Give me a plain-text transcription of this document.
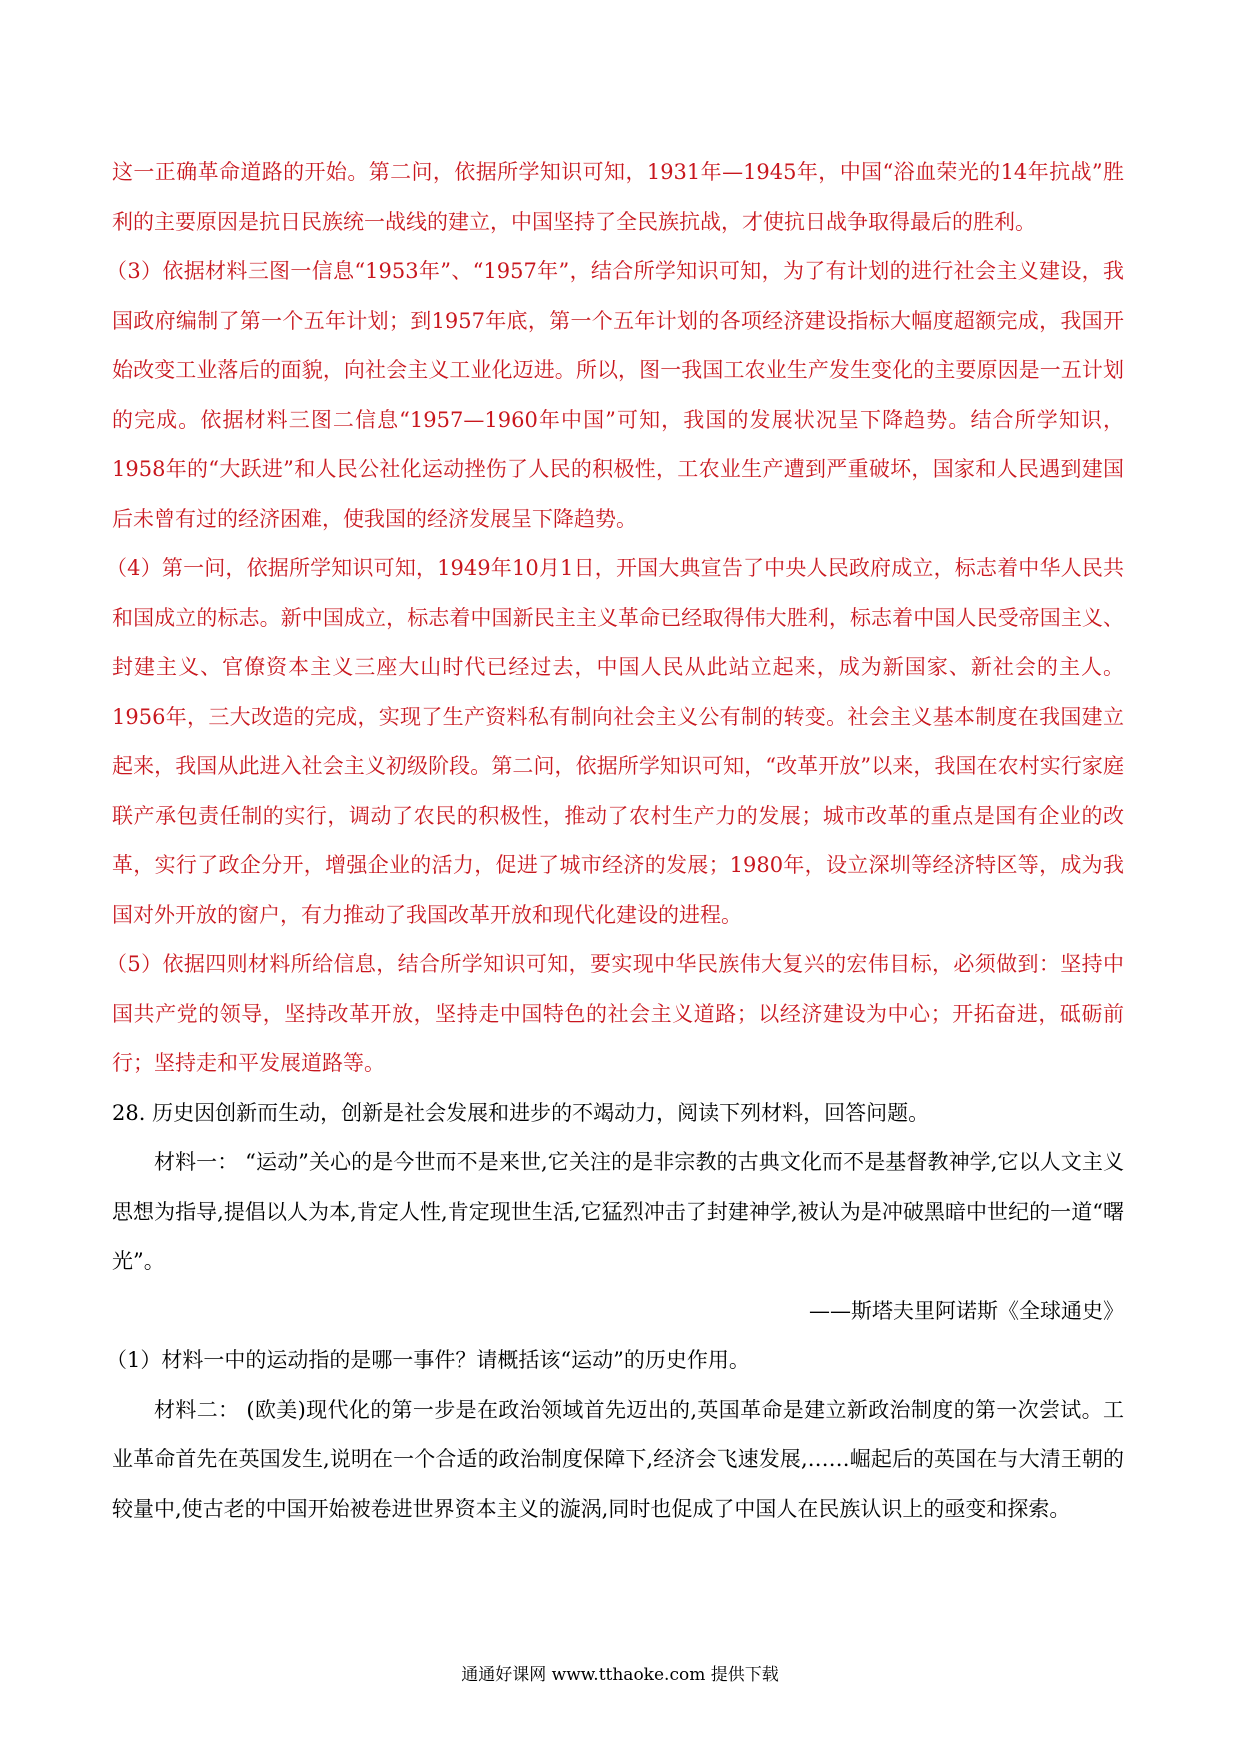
这一正确革命道路的开始。第二问，依据所学知识可知，1931年—1945年，中国“浴血荣光的14年抗战”胜利的主要原因是抗日民族统一战线的建立，中国坚持了全民族抗战，才使抗日战争取得最后的胜利。

（3）依据材料三图一信息“1953年”、“1957年”，结合所学知识可知，为了有计划的进行社会主义建设，我国政府编制了第一个五年计划；到1957年底，第一个五年计划的各项经济建设指标大幅度超额完成，我国开始改变工业落后的面貌，向社会主义工业化迈进。所以，图一我国工农业生产发生变化的主要原因是一五计划的完成。依据材料三图二信息“1957—1960年中国”可知，我国的发展状况呈下降趋势。结合所学知识，1958年的“大跃进”和人民公社化运动挫伤了人民的积极性，工农业生产遭到严重破坏，国家和人民遇到建国后未曾有过的经济困难，使我国的经济发展呈下降趋势。

（4）第一问，依据所学知识可知，1949年10月1日，开国大典宣告了中央人民政府成立，标志着中华人民共和国成立的标志。新中国成立，标志着中国新民主主义革命已经取得伟大胜利，标志着中国人民受帝国主义、封建主义、官僚资本主义三座大山时代已经过去，中国人民从此站立起来，成为新国家、新社会的主人。1956年，三大改造的完成，实现了生产资料私有制向社会主义公有制的转变。社会主义基本制度在我国建立起来，我国从此进入社会主义初级阶段。第二问，依据所学知识可知，“改革开放”以来，我国在农村实行家庭联产承包责任制的实行，调动了农民的积极性，推动了农村生产力的发展；城市改革的重点是国有企业的改革，实行了政企分开，增强企业的活力，促进了城市经济的发展；1980年，设立深圳等经济特区等，成为我国对外开放的窗户，有力推动了我国改革开放和现代化建设的进程。

（5）依据四则材料所给信息，结合所学知识可知，要实现中华民族伟大复兴的宏伟目标，必须做到：坚持中国共产党的领导，坚持改革开放，坚持走中国特色的社会主义道路；以经济建设为中心；开拓奋进，砥砺前行；坚持走和平发展道路等。

28. 历史因创新而生动，创新是社会发展和进步的不竭动力，阅读下列材料，回答问题。

材料一： “运动”关心的是今世而不是来世,它关注的是非宗教的古典文化而不是基督教神学,它以人文主义思想为指导,提倡以人为本,肯定人性,肯定现世生活,它猛烈冲击了封建神学,被认为是冲破黑暗中世纪的一道“曙光”。

——斯塔夫里阿诺斯《全球通史》

（1）材料一中的运动指的是哪一事件？请概括该“运动”的历史作用。

材料二： (欧美)现代化的第一步是在政治领域首先迈出的,英国革命是建立新政治制度的第一次尝试。工业革命首先在英国发生,说明在一个合适的政治制度保障下,经济会飞速发展,……崛起后的英国在与大清王朝的较量中,使古老的中国开始被卷进世界资本主义的漩涡,同时也促成了中国人在民族认识上的亟变和探索。

通通好课网 www.tthaoke.com 提供下载
